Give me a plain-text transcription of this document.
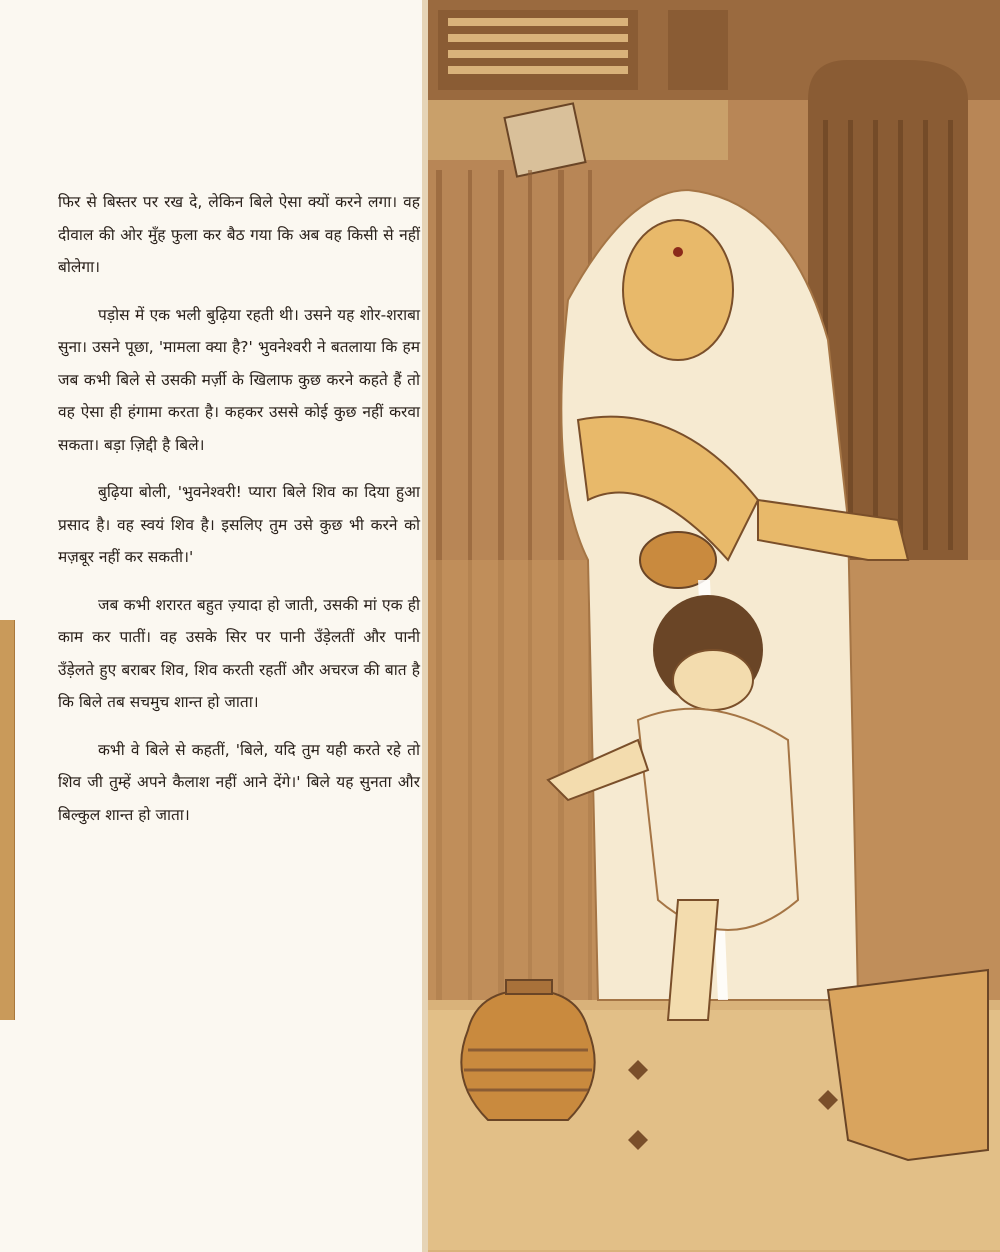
फिर से बिस्तर पर रख दे, लेकिन बिले ऐसा क्यों करने लगा। वह दीवाल की ओर मुँह फुला कर बैठ गया कि अब वह किसी से नहीं बोलेगा।

पड़ोस में एक भली बुढ़िया रहती थी। उसने यह शोर-शराबा सुना। उसने पूछा, 'मामला क्या है?' भुवनेश्वरी ने बतलाया कि हम जब कभी बिले से उसकी मर्ज़ी के खिलाफ कुछ करने कहते हैं तो वह ऐसा ही हंगामा करता है। कहकर उससे कोई कुछ नहीं करवा सकता। बड़ा ज़िद्दी है बिले।

बुढ़िया बोली, 'भुवनेश्वरी! प्यारा बिले शिव का दिया हुआ प्रसाद है। वह स्वयं शिव है। इसलिए तुम उसे कुछ भी करने को मज़बूर नहीं कर सकती।'

जब कभी शरारत बहुत ज़्यादा हो जाती, उसकी मां एक ही काम कर पातीं। वह उसके सिर पर पानी उँड़ेलतीं और पानी उँड़ेलते हुए बराबर शिव, शिव करती रहतीं और अचरज की बात है कि बिले तब सचमुच शान्त हो जाता।

कभी वे बिले से कहतीं, 'बिले, यदि तुम यही करते रहे तो शिव जी तुम्हें अपने कैलाश नहीं आने देंगे।' बिले यह सुनता और बिल्कुल शान्त हो जाता।
